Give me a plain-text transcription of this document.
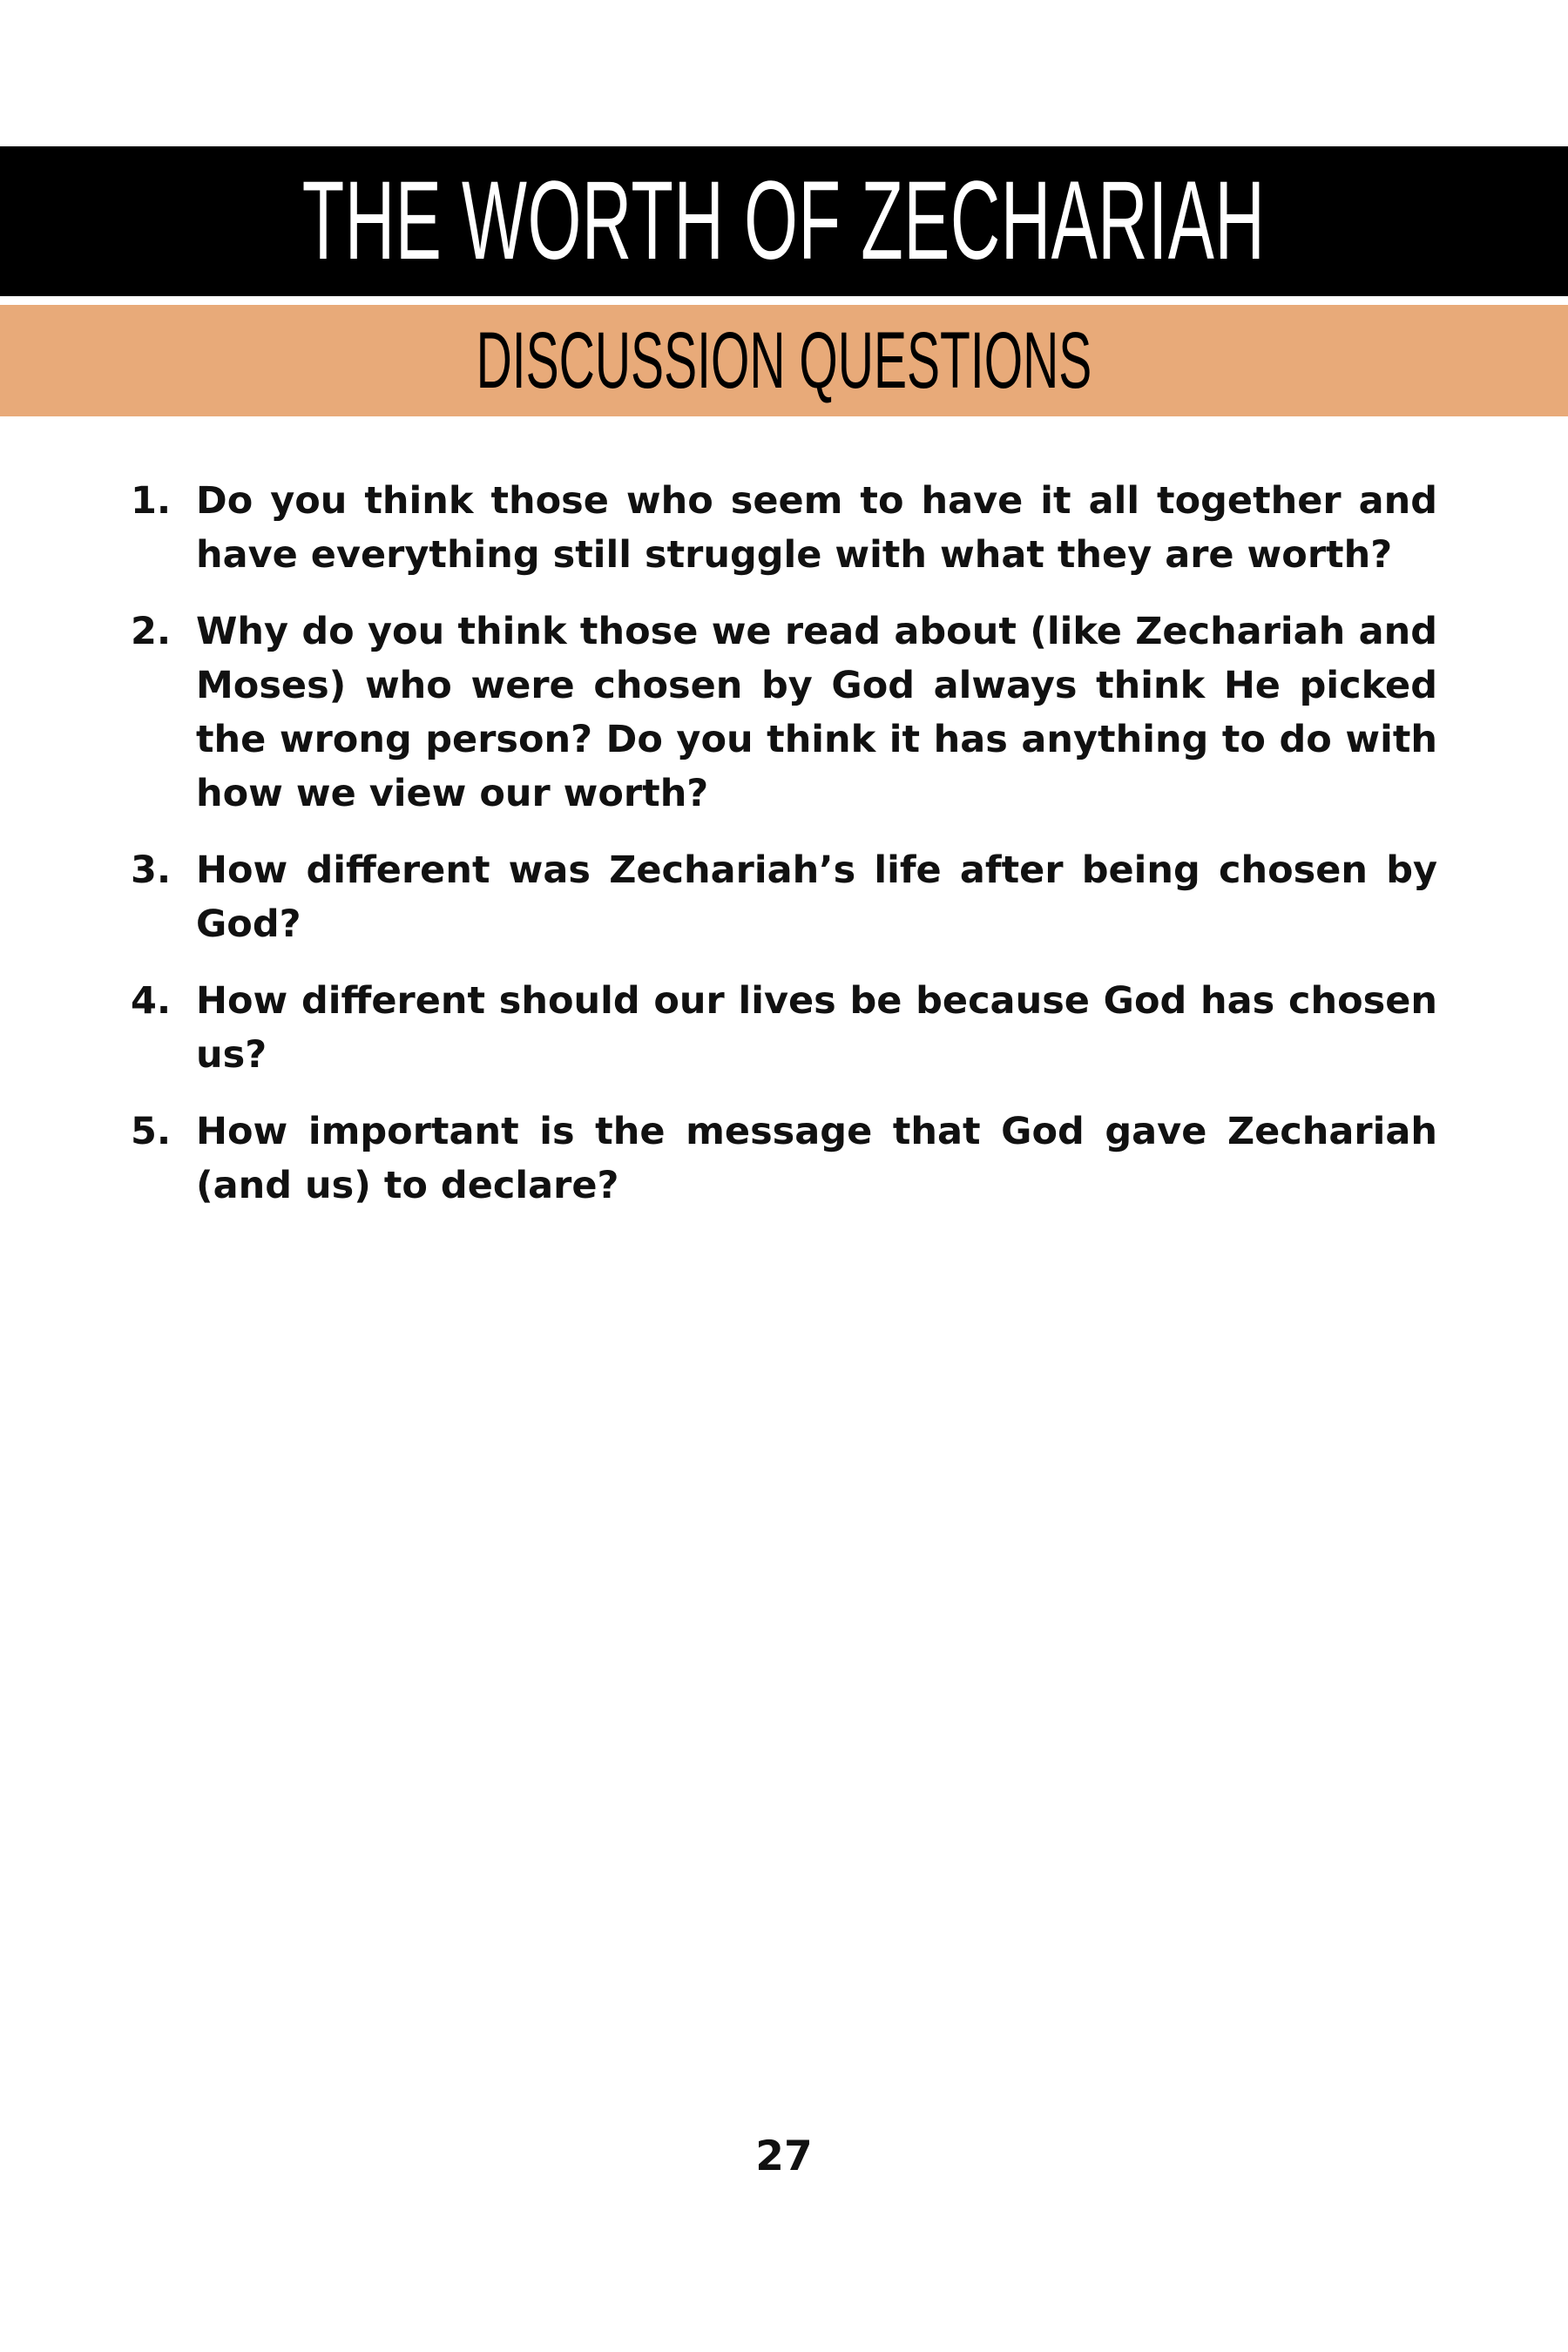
THE WORTH OF ZECHARIAH
DISCUSSION QUESTIONS
1. Do you think those who seem to have it all together and have everything still struggle with what they are worth?
2. Why do you think those we read about (like Zechariah and Moses) who were chosen by God always think He picked the wrong person? Do you think it has anything to do with how we view our worth?
3. How different was Zechariah’s life after being chosen by God?
4. How different should our lives be because God has chosen us?
5. How important is the message that God gave Zechariah (and us) to declare?
27
